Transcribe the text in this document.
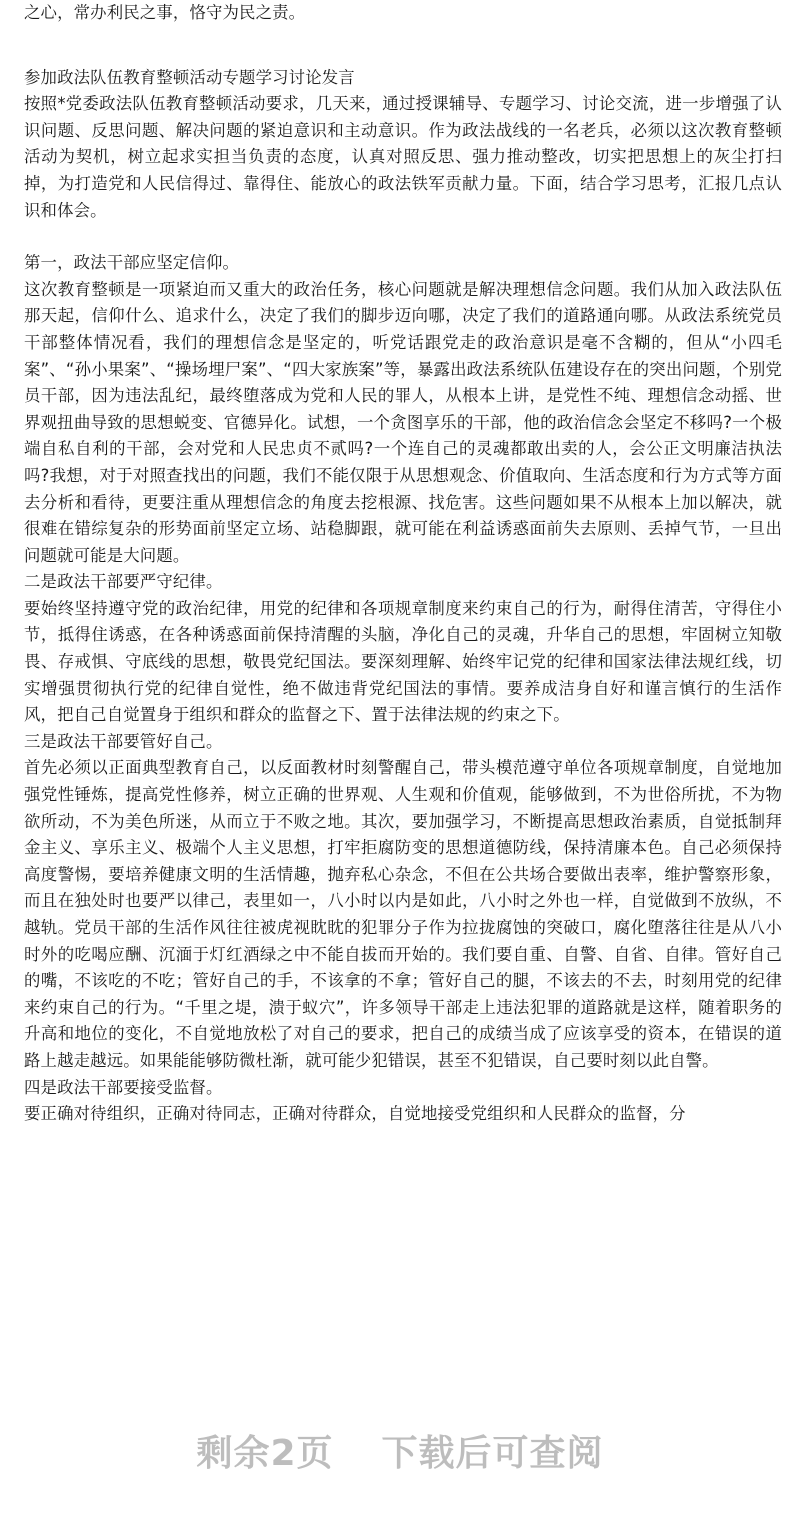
之心，常办利民之事，恪守为民之责。

参加政法队伍教育整顿活动专题学习讨论发言

按照*党委政法队伍教育整顿活动要求，几天来，通过授课辅导、专题学习、讨论交流，进一步增强了认识问题、反思问题、解决问题的紧迫意识和主动意识。作为政法战线的一名老兵，必须以这次教育整顿活动为契机，树立起求实担当负责的态度，认真对照反思、强力推动整改，切实把思想上的灰尘打扫掉，为打造党和人民信得过、靠得住、能放心的政法铁军贡献力量。下面，结合学习思考，汇报几点认识和体会。

第一，政法干部应坚定信仰。

这次教育整顿是一项紧迫而又重大的政治任务，核心问题就是解决理想信念问题。我们从加入政法队伍那天起，信仰什么、追求什么，决定了我们的脚步迈向哪，决定了我们的道路通向哪。从政法系统党员干部整体情况看，我们的理想信念是坚定的，听党话跟党走的政治意识是毫不含糊的，但从“小四毛案”、“孙小果案”、“操场埋尸案”、“四大家族案”等，暴露出政法系统队伍建设存在的突出问题，个别党员干部，因为违法乱纪，最终堕落成为党和人民的罪人，从根本上讲，是党性不纯、理想信念动摇、世界观扭曲导致的思想蜕变、官德异化。试想，一个贪图享乐的干部，他的政治信念会坚定不移吗?一个极端自私自利的干部，会对党和人民忠贞不贰吗?一个连自己的灵魂都敢出卖的人，会公正文明廉洁执法吗?我想，对于对照查找出的问题，我们不能仅限于从思想观念、价值取向、生活态度和行为方式等方面去分析和看待，更要注重从理想信念的角度去挖根源、找危害。这些问题如果不从根本上加以解决，就很难在错综复杂的形势面前坚定立场、站稳脚跟，就可能在利益诱惑面前失去原则、丢掉气节，一旦出问题就可能是大问题。

二是政法干部要严守纪律。

要始终坚持遵守党的政治纪律，用党的纪律和各项规章制度来约束自己的行为，耐得住清苦，守得住小节，抵得住诱惑，在各种诱惑面前保持清醒的头脑，净化自己的灵魂，升华自己的思想，牢固树立知敬畏、存戒惧、守底线的思想，敬畏党纪国法。要深刻理解、始终牢记党的纪律和国家法律法规红线，切实增强贯彻执行党的纪律自觉性，绝不做违背党纪国法的事情。要养成洁身自好和谨言慎行的生活作风，把自己自觉置身于组织和群众的监督之下、置于法律法规的约束之下。

三是政法干部要管好自己。

首先必须以正面典型教育自己，以反面教材时刻警醒自己，带头模范遵守单位各项规章制度，自觉地加强党性锤炼，提高党性修养，树立正确的世界观、人生观和价值观，能够做到，不为世俗所扰，不为物欲所动，不为美色所迷，从而立于不败之地。其次，要加强学习，不断提高思想政治素质，自觉抵制拜金主义、享乐主义、极端个人主义思想，打牢拒腐防变的思想道德防线，保持清廉本色。自己必须保持高度警惕，要培养健康文明的生活情趣，抛弃私心杂念，不但在公共场合要做出表率，维护警察形象，而且在独处时也要严以律己，表里如一，八小时以内是如此，八小时之外也一样，自觉做到不放纵，不越轨。党员干部的生活作风往往被虎视眈眈的犯罪分子作为拉拢腐蚀的突破口，腐化堕落往往是从八小时外的吃喝应酬、沉湎于灯红酒绿之中不能自拔而开始的。我们要自重、自警、自省、自律。管好自己的嘴，不该吃的不吃；管好自己的手，不该拿的不拿；管好自己的腿，不该去的不去，时刻用党的纪律来约束自己的行为。“千里之堤，溃于蚁穴”，许多领导干部走上违法犯罪的道路就是这样，随着职务的升高和地位的变化，不自觉地放松了对自己的要求，把自己的成绩当成了应该享受的资本，在错误的道路上越走越远。如果能能够防微杜渐，就可能少犯错误，甚至不犯错误，自己要时刻以此自警。

四是政法干部要接受监督。

要正确对待组织，正确对待同志，正确对待群众，自觉地接受党组织和人民群众的监督，分

剩余2页 下载后可查阅
